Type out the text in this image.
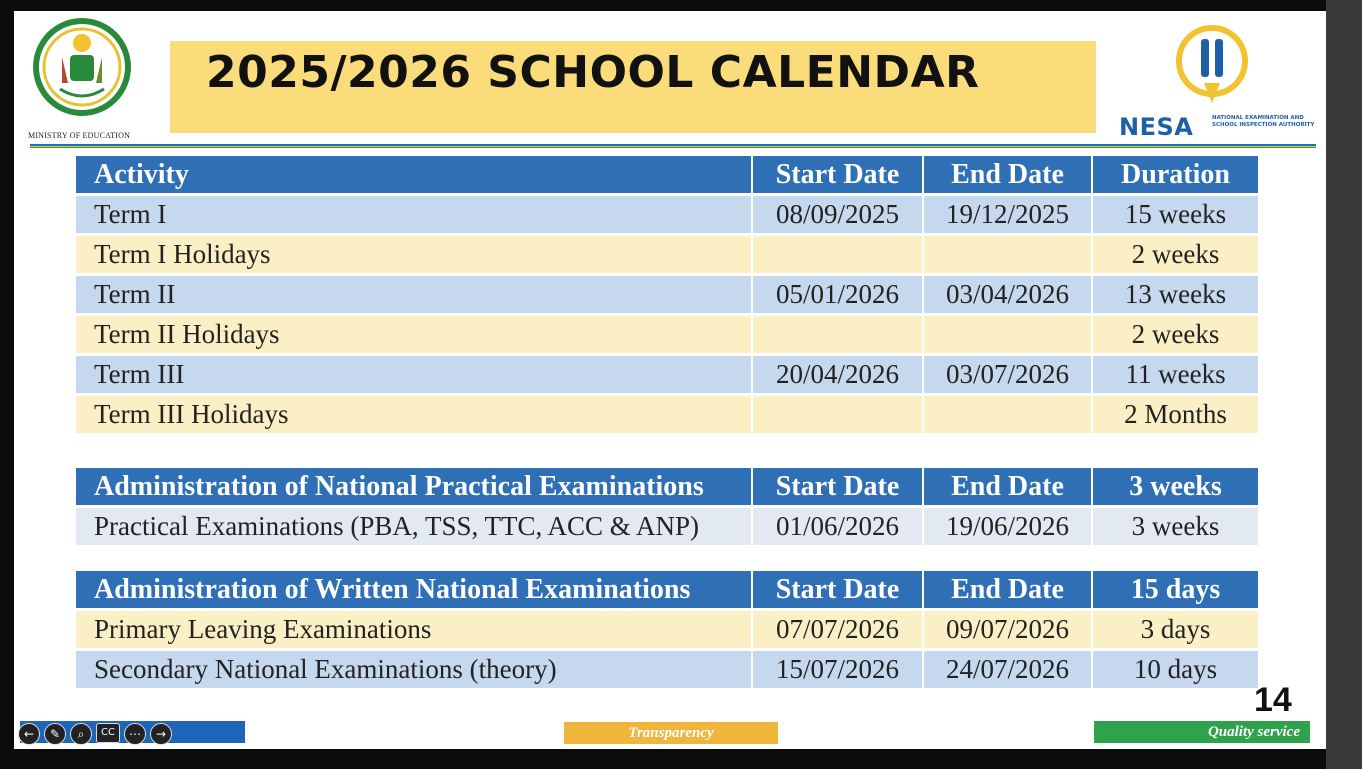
MINISTRY OF EDUCATION
2025/2026 SCHOOL CALENDAR
NESA	NATIONAL EXAMINATION AND SCHOOL INSPECTION AUTHORITY
Activity	Start Date	End Date	Duration
Term I	08/09/2025	19/12/2025	15 weeks
Term I Holidays			2 weeks
Term II	05/01/2026	03/04/2026	13 weeks
Term II Holidays			2 weeks
Term III	20/04/2026	03/07/2026	11 weeks
Term III Holidays			2 Months
Administration of National Practical Examinations	Start Date	End Date	3 weeks
Practical Examinations (PBA, TSS, TTC, ACC & ANP)	01/06/2026	19/06/2026	3 weeks
Administration of Written National Examinations	Start Date	End Date	15 days
Primary Leaving Examinations	07/07/2026	09/07/2026	3 days
Secondary National Examinations (theory)	15/07/2026	24/07/2026	10 days
14
Transparency	Quality service
←	✎	⌕	CC	⋯	→
